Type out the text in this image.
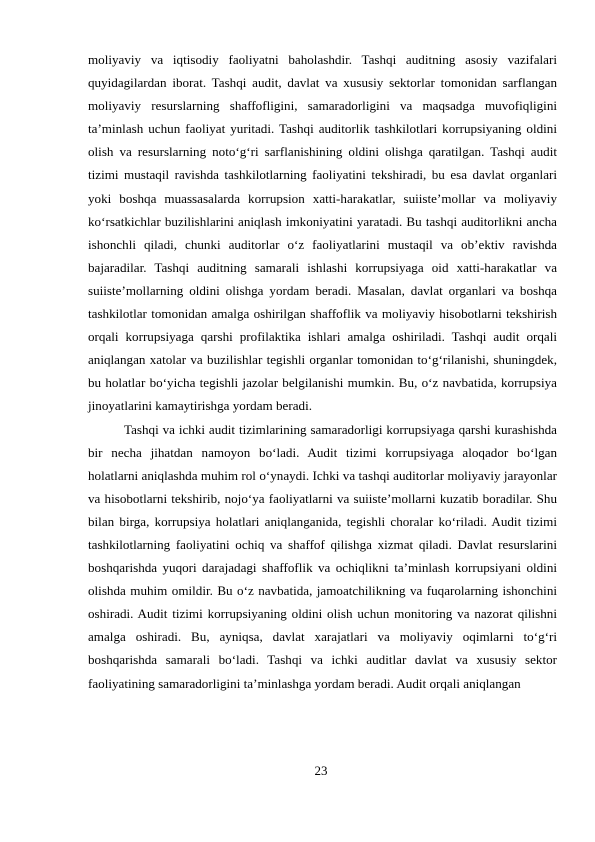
moliyaviy va iqtisodiy faoliyatni baholashdir. Tashqi auditning asosiy vazifalari quyidagilardan iborat. Tashqi audit, davlat va xususiy sektorlar tomonidan sarflangan moliyaviy resurslarning shaffofligini, samaradorligini va maqsadga muvofiqligini taʼminlash uchun faoliyat yuritadi. Tashqi auditorlik tashkilotlari korrupsiyaning oldini olish va resurslarning notoʻgʻri sarflanishining oldini olishga qaratilgan. Tashqi audit tizimi mustaqil ravishda tashkilotlarning faoliyatini tekshiradi, bu esa davlat organlari yoki boshqa muassasalarda korrupsion xatti-harakatlar, suiisteʼmollar va moliyaviy koʻrsatkichlar buzilishlarini aniqlash imkoniyatini yaratadi. Bu tashqi auditorlikni ancha ishonchli qiladi, chunki auditorlar oʻz faoliyatlarini mustaqil va obʼektiv ravishda bajaradilar. Tashqi auditning samarali ishlashi korrupsiyaga oid xatti-harakatlar va suiisteʼmollarning oldini olishga yordam beradi. Masalan, davlat organlari va boshqa tashkilotlar tomonidan amalga oshirilgan shaffoflik va moliyaviy hisobotlarni tekshirish orqali korrupsiyaga qarshi profilaktika ishlari amalga oshiriladi. Tashqi audit orqali aniqlangan xatolar va buzilishlar tegishli organlar tomonidan toʻgʻrilanishi, shuningdek, bu holatlar boʻyicha tegishli jazolar belgilanishi mumkin. Bu, oʻz navbatida, korrupsiya jinoyatlarini kamaytirishga yordam beradi.

Tashqi va ichki audit tizimlarining samaradorligi korrupsiyaga qarshi kurashishda bir necha jihatdan namoyon boʻladi. Audit tizimi korrupsiyaga aloqador boʻlgan holatlarni aniqlashda muhim rol oʻynaydi. Ichki va tashqi auditorlar moliyaviy jarayonlar va hisobotlarni tekshirib, nojoʻya faoliyatlarni va suiisteʼmollarni kuzatib boradilar. Shu bilan birga, korrupsiya holatlari aniqlanganida, tegishli choralar koʻriladi. Audit tizimi tashkilotlarning faoliyatini ochiq va shaffof qilishga xizmat qiladi. Davlat resurslarini boshqarishda yuqori darajadagi shaffoflik va ochiqlikni taʼminlash korrupsiyani oldini olishda muhim omildir. Bu oʻz navbatida, jamoatchilikning va fuqarolarning ishonchini oshiradi. Audit tizimi korrupsiyaning oldini olish uchun monitoring va nazorat qilishni amalga oshiradi. Bu, ayniqsa, davlat xarajatlari va moliyaviy oqimlarni toʻgʻri boshqarishda samarali boʻladi. Tashqi va ichki auditlar davlat va xususiy sektor faoliyatining samaradorligini taʼminlashga yordam beradi. Audit orqali aniqlangan

23
